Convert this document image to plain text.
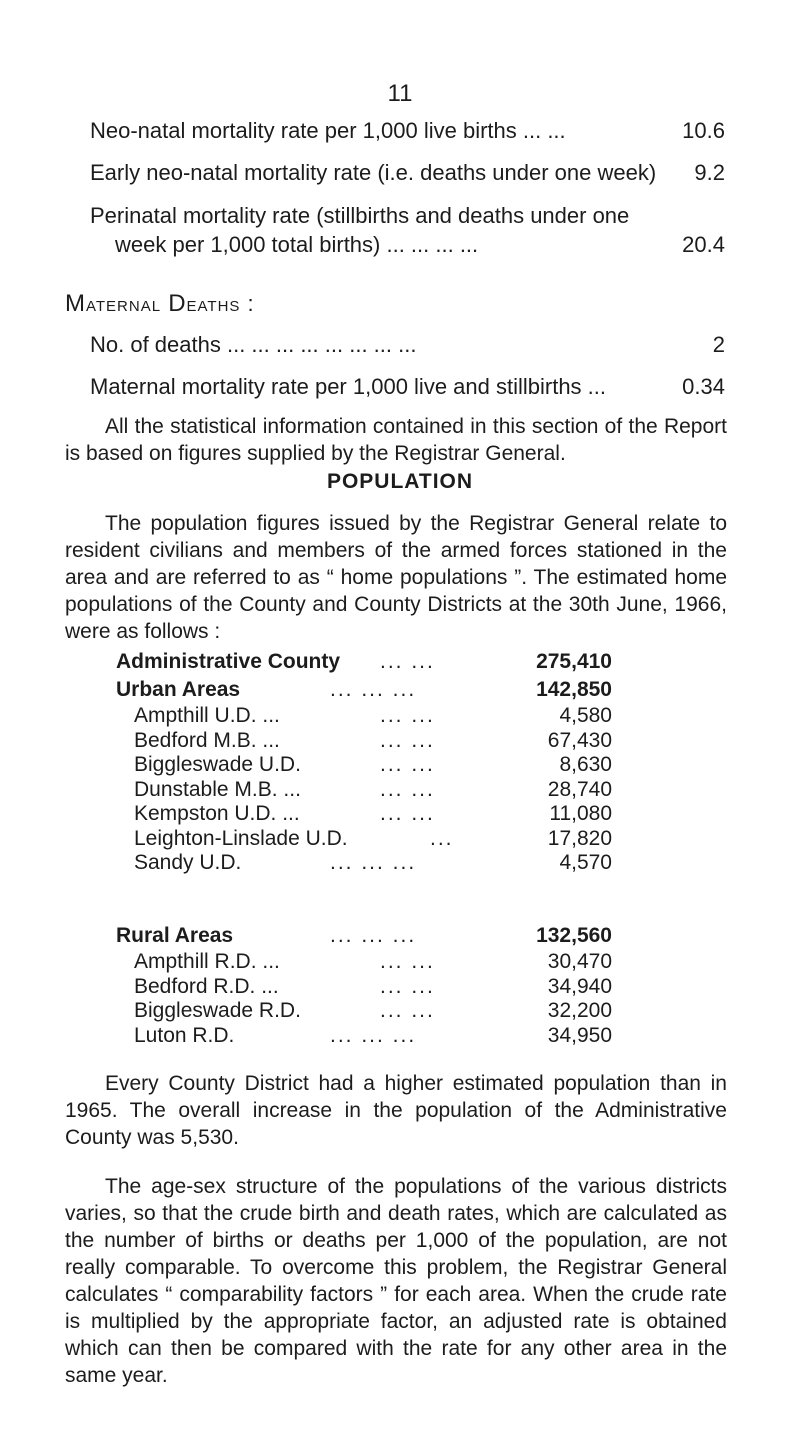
11
Neo-natal mortality rate per 1,000 live births ... ...	10.6
Early neo-natal mortality rate (i.e. deaths under one week) 9.2
Perinatal mortality rate (stillbirths and deaths under one
week per 1,000 total births) ... ... ... ...	20.4
Maternal Deaths :
No. of deaths ... ... ... ... ... ... ... ...	2
Maternal mortality rate per 1,000 live and stillbirths ...	0.34

All the statistical information contained in this section of the Report is based on figures supplied by the Registrar General.

POPULATION

The population figures issued by the Registrar General relate to resident civilians and members of the armed forces stationed in the area and are referred to as “ home populations ”. The estimated home populations of the County and County Districts at the 30th June, 1966, were as follows :

Administrative County ... ...	275,410
Urban Areas	... ... ...	142,850
Ampthill U.D. ...	... ...	4,580
Bedford M.B. ...	... ...	67,430
Biggleswade U.D.	... ...	8,630
Dunstable M.B. ...	... ...	28,740
Kempston U.D. ...	... ...	11,080
Leighton-Linslade U.D.	...	17,820
Sandy U.D.	... ... ...	4,570
Rural Areas	... ... ...	132,560
Ampthill R.D. ...	... ...	30,470
Bedford R.D. ...	... ...	34,940
Biggleswade R.D.	... ...	32,200
Luton R.D.	... ... ...	34,950

Every County District had a higher estimated population than in 1965. The overall increase in the population of the Administrative County was 5,530.

The age-sex structure of the populations of the various districts varies, so that the crude birth and death rates, which are calculated as the number of births or deaths per 1,000 of the population, are not really comparable. To overcome this problem, the Registrar General calculates “ comparability factors ” for each area. When the crude rate is multiplied by the appropriate factor, an adjusted rate is obtained which can then be compared with the rate for any other area in the same year.
